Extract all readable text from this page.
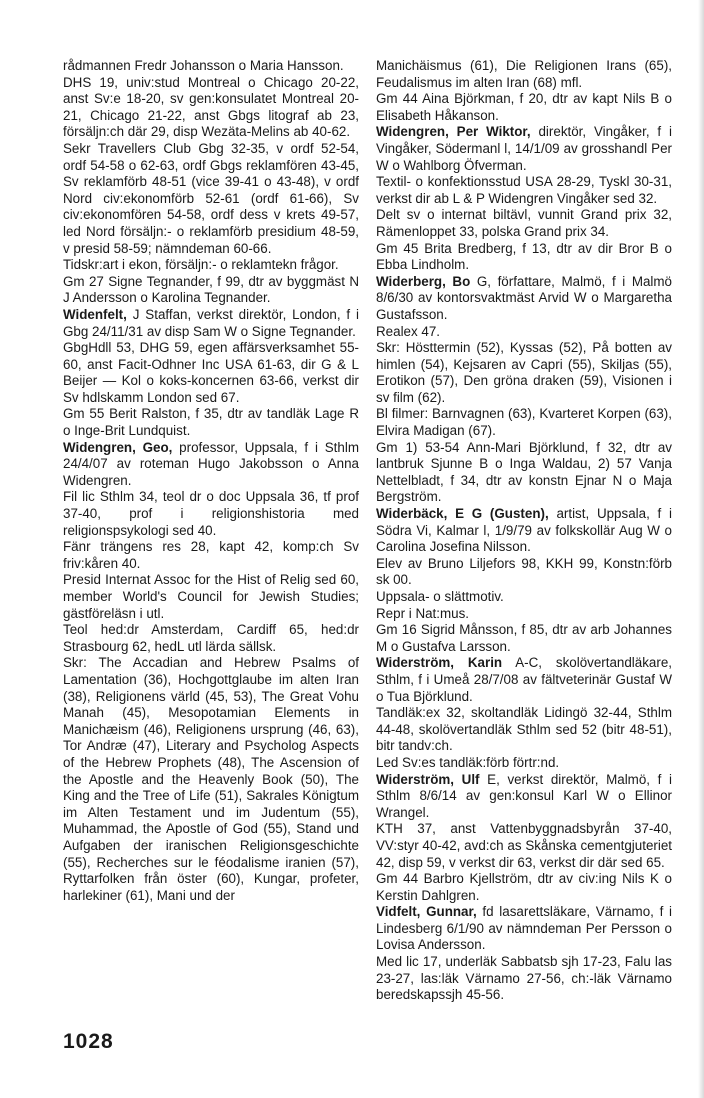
rådmannen Fredr Johansson o Maria Hansson.

DHS 19, univ:stud Montreal o Chicago 20-22, anst Sv:e 18-20, sv gen:konsulatet Montreal 20-21, Chicago 21-22, anst Gbgs litograf ab 23, försäljn:ch där 29, disp Wezäta-Melins ab 40-62.

Sekr Travellers Club Gbg 32-35, v ordf 52-54, ordf 54-58 o 62-63, ordf Gbgs reklamfören 43-45, Sv reklamförb 48-51 (vice 39-41 o 43-48), v ordf Nord civ:ekonomförb 52-61 (ordf 61-66), Sv civ:ekonomfören 54-58, ordf dess v krets 49-57, led Nord försäljn:- o reklamförb presidium 48-59, v presid 58-59; nämndeman 60-66.

Tidskr:art i ekon, försäljn:- o reklamtekn frågor.

Gm 27 Signe Tegnander, f 99, dtr av byggmäst N J Andersson o Karolina Tegnander.

Widenfelt, J Staffan, verkst direktör, London, f i Gbg 24/11/31 av disp Sam W o Signe Tegnander.

GbgHdll 53, DHG 59, egen affärsverksamhet 55-60, anst Facit-Odhner Inc USA 61-63, dir G & L Beijer — Kol o koks-koncernen 63-66, verkst dir Sv hdlskamm London sed 67.

Gm 55 Berit Ralston, f 35, dtr av tandläk Lage R o Inge-Brit Lundquist.

Widengren, Geo, professor, Uppsala, f i Sthlm 24/4/07 av roteman Hugo Jakobsson o Anna Widengren.

Fil lic Sthlm 34, teol dr o doc Uppsala 36, tf prof 37-40, prof i religionshistoria med religionspsykologi sed 40.

Fänr trängens res 28, kapt 42, komp:ch Sv friv:kåren 40.

Presid Internat Assoc for the Hist of Relig sed 60, member World's Council for Jewish Studies; gästföreläsn i utl.

Teol hed:dr Amsterdam, Cardiff 65, hed:dr Strasbourg 62, hedL utl lärda sällsk.

Skr: The Accadian and Hebrew Psalms of Lamentation (36), Hochgottglaube im alten Iran (38), Religionens värld (45, 53), The Great Vohu Manah (45), Mesopotamian Elements in Manichæism (46), Religionens ursprung (46, 63), Tor Andræ (47), Literary and Psycholog Aspects of the Hebrew Prophets (48), The Ascension of the Apostle and the Heavenly Book (50), The King and the Tree of Life (51), Sakrales Königtum im Alten Testament und im Judentum (55), Muhammad, the Apostle of God (55), Stand und Aufgaben der iranischen Religionsgeschichte (55), Recherches sur le féodalisme iranien (57), Ryttarfolken från öster (60), Kungar, profeter, harlekiner (61), Mani und der

Manichäismus (61), Die Religionen Irans (65), Feudalismus im alten Iran (68) mfl.

Gm 44 Aina Björkman, f 20, dtr av kapt Nils B o Elisabeth Håkanson.

Widengren, Per Wiktor, direktör, Vingåker, f i Vingåker, Södermanl l, 14/1/09 av grosshandl Per W o Wahlborg Öfverman.

Textil- o konfektionsstud USA 28-29, Tyskl 30-31, verkst dir ab L & P Widengren Vingåker sed 32.

Delt sv o internat biltävl, vunnit Grand prix 32, Rämenloppet 33, polska Grand prix 34.

Gm 45 Brita Bredberg, f 13, dtr av dir Bror B o Ebba Lindholm.

Widerberg, Bo G, författare, Malmö, f i Malmö 8/6/30 av kontorsvaktmäst Arvid W o Margaretha Gustafsson.

Realex 47.

Skr: Hösttermin (52), Kyssas (52), På botten av himlen (54), Kejsaren av Capri (55), Skiljas (55), Erotikon (57), Den gröna draken (59), Visionen i sv film (62).

Bl filmer: Barnvagnen (63), Kvarteret Korpen (63), Elvira Madigan (67).

Gm 1) 53-54 Ann-Mari Björklund, f 32, dtr av lantbruk Sjunne B o Inga Waldau, 2) 57 Vanja Nettelbladt, f 34, dtr av konstn Ejnar N o Maja Bergström.

Widerbäck, E G (Gusten), artist, Uppsala, f i Södra Vi, Kalmar l, 1/9/79 av folkskollär Aug W o Carolina Josefina Nilsson.

Elev av Bruno Liljefors 98, KKH 99, Konstn:förb sk 00.

Uppsala- o slättmotiv.

Repr i Nat:mus.

Gm 16 Sigrid Månsson, f 85, dtr av arb Johannes M o Gustafva Larsson.

Widerström, Karin A-C, skolövertandläkare, Sthlm, f i Umeå 28/7/08 av fältveterinär Gustaf W o Tua Björklund.

Tandläk:ex 32, skoltandläk Lidingö 32-44, Sthlm 44-48, skolövertandläk Sthlm sed 52 (bitr 48-51), bitr tandv:ch.

Led Sv:es tandläk:förb förtr:nd.

Widerström, Ulf E, verkst direktör, Malmö, f i Sthlm 8/6/14 av gen:konsul Karl W o Ellinor Wrangel.

KTH 37, anst Vattenbyggnadsbyrån 37-40, VV:styr 40-42, avd:ch as Skånska cementgjuteriet 42, disp 59, v verkst dir 63, verkst dir där sed 65.

Gm 44 Barbro Kjellström, dtr av civ:ing Nils K o Kerstin Dahlgren.

Vidfelt, Gunnar, fd lasarettsläkare, Värnamo, f i Lindesberg 6/1/90 av nämndeman Per Persson o Lovisa Andersson.

Med lic 17, underläk Sabbatsb sjh 17-23, Falu las 23-27, las:läk Värnamo 27-56, ch:-läk Värnamo beredskapssjh 45-56.

1028
